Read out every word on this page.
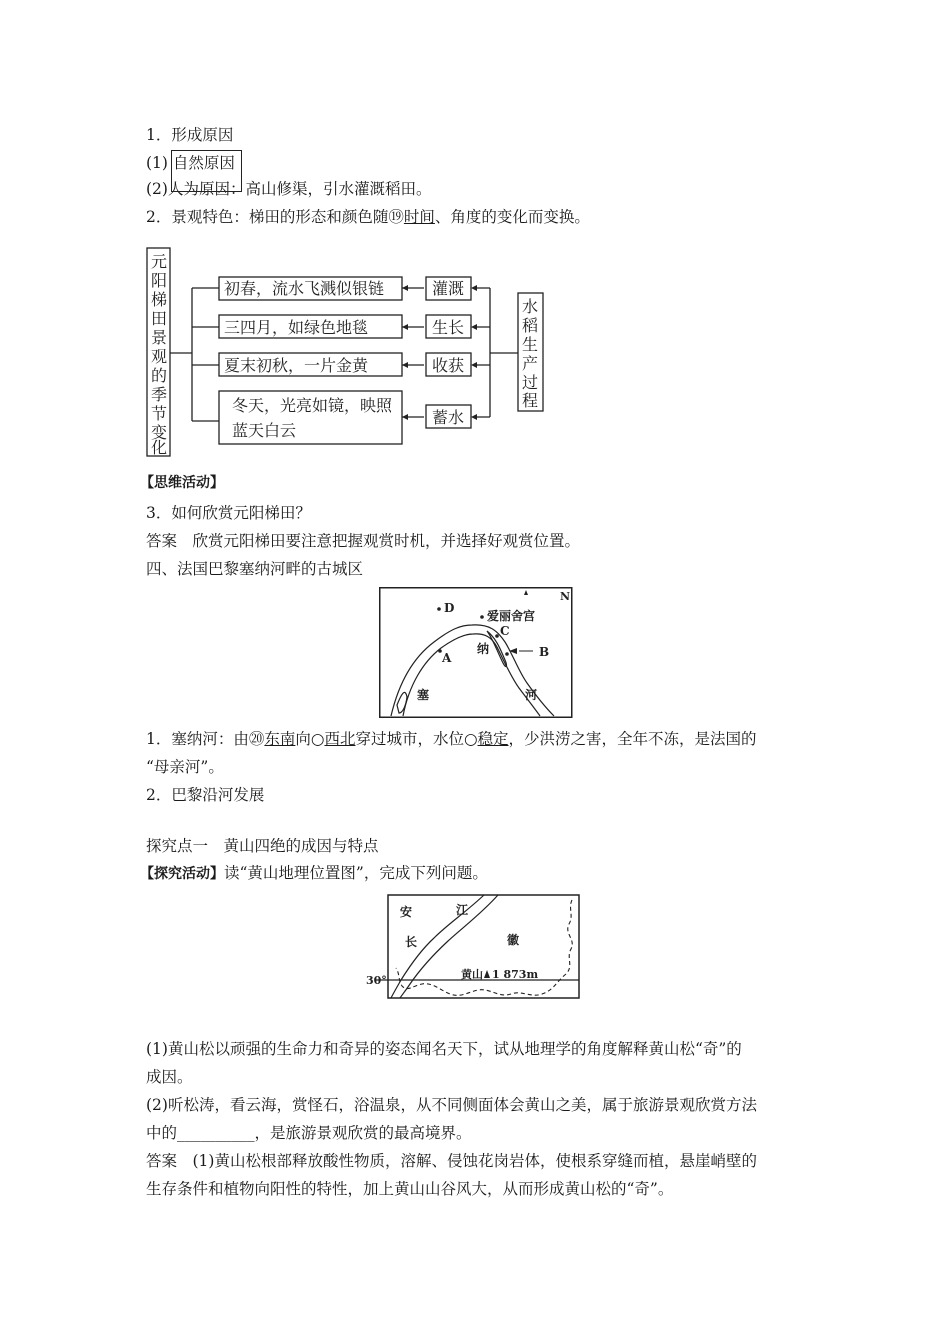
1．形成原因
(1) 自然原因
(2)人为原因：高山修渠，引水灌溉稻田。
2．景观特色：梯田的形态和颜色随⑲时间、角度的变化而变换。
元
阳
梯
田
景
观
的
季
节
变
化
水
稻
生
产
过
程
灌溉
生长
收获
蓄水
初春，流水飞溅似银链
三四月，如绿色地毯
夏末初秋，一片金黄
冬天，光亮如镜，映照
蓝天白云
【思维活动】
3．如何欣赏元阳梯田？
答案　欣赏元阳梯田要注意把握观赏时机，并选择好观赏位置。
四、法国巴黎塞纳河畔的古城区
D
爱丽舍宫
C
B
A
纳
塞	河
N
1．塞纳河：由⑳东南向○西北穿过城市，水位○稳定，少洪涝之害，全年不冻，是法国的
“母亲河”。
2．巴黎沿河发展
探究点一　黄山四绝的成因与特点
【探究活动】读“黄山地理位置图”，完成下列问题。
安	江
长	徽
黄山 1 873m
30°
(1)黄山松以顽强的生命力和奇异的姿态闻名天下，试从地理学的角度解释黄山松“奇”的
成因。
(2)听松涛，看云海，赏怪石，浴温泉，从不同侧面体会黄山之美，属于旅游景观欣赏方法
中的__________，是旅游景观欣赏的最高境界。
答案　(1)黄山松根部释放酸性物质，溶解、侵蚀花岗岩体，使根系穿缝而植，悬崖峭壁的
生存条件和植物向阳性的特性，加上黄山山谷风大，从而形成黄山松的“奇”。
